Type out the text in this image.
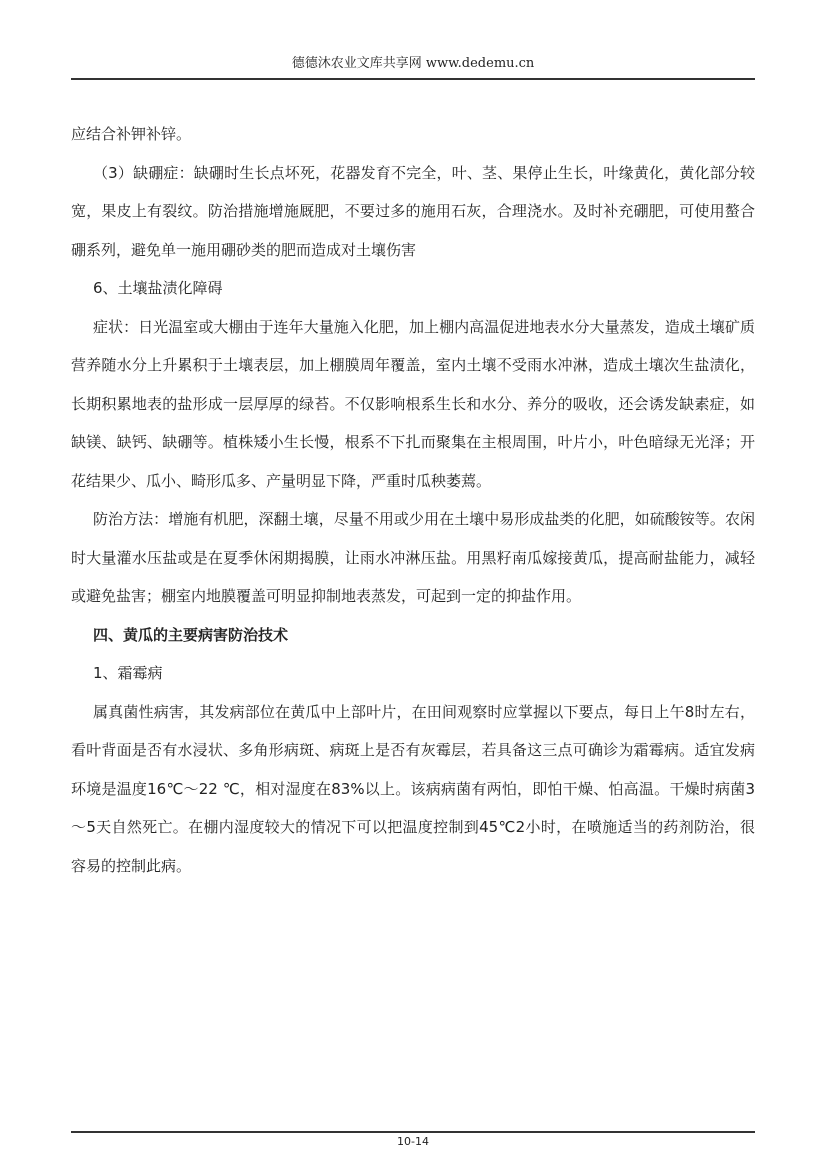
德德沐农业文库共享网 www.dedemu.cn

应结合补钾补锌。

（3）缺硼症：缺硼时生长点坏死，花器发育不完全，叶、茎、果停止生长，叶缘黄化，黄化部分较宽，果皮上有裂纹。防治措施增施厩肥，不要过多的施用石灰，合理浇水。及时补充硼肥，可使用螯合硼系列，避免单一施用硼砂类的肥而造成对土壤伤害

6、土壤盐渍化障碍

症状：日光温室或大棚由于连年大量施入化肥，加上棚内高温促进地表水分大量蒸发，造成土壤矿质营养随水分上升累积于土壤表层，加上棚膜周年覆盖，室内土壤不受雨水冲淋，造成土壤次生盐渍化，长期积累地表的盐形成一层厚厚的绿苔。不仅影响根系生长和水分、养分的吸收，还会诱发缺素症，如缺镁、缺钙、缺硼等。植株矮小生长慢，根系不下扎而聚集在主根周围，叶片小，叶色暗绿无光泽；开花结果少、瓜小、畸形瓜多、产量明显下降，严重时瓜秧萎蔫。

防治方法：增施有机肥，深翻土壤，尽量不用或少用在土壤中易形成盐类的化肥，如硫酸铵等。农闲时大量灌水压盐或是在夏季休闲期揭膜，让雨水冲淋压盐。用黑籽南瓜嫁接黄瓜，提高耐盐能力，减轻或避免盐害；棚室内地膜覆盖可明显抑制地表蒸发，可起到一定的抑盐作用。

四、黄瓜的主要病害防治技术

1、霜霉病

属真菌性病害，其发病部位在黄瓜中上部叶片，在田间观察时应掌握以下要点，每日上午8时左右，看叶背面是否有水浸状、多角形病斑、病斑上是否有灰霉层，若具备这三点可确诊为霜霉病。适宜发病环境是温度16℃～22 ℃，相对湿度在83%以上。该病病菌有两怕，即怕干燥、怕高温。干燥时病菌3～5天自然死亡。在棚内湿度较大的情况下可以把温度控制到45℃2小时，在喷施适当的药剂防治，很容易的控制此病。

10-14
